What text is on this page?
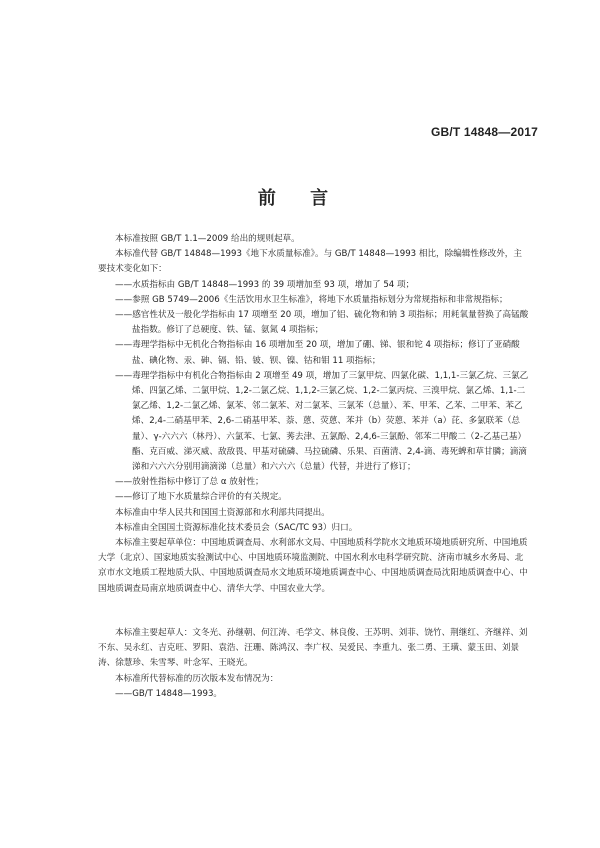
GB/T 14848—2017
前 言

本标准按照 GB/T 1.1—2009 给出的规则起草。

本标准代替 GB/T 14848—1993《地下水质量标准》。与 GB/T 14848—1993 相比，除编辑性修改外，主要技术变化如下：

——水质指标由 GB/T 14848—1993 的 39 项增加至 93 项，增加了 54 项；

——参照 GB 5749—2006《生活饮用水卫生标准》，将地下水质量指标划分为常规指标和非常规指标；

——感官性状及一般化学指标由 17 项增至 20 项，增加了铝、硫化物和钠 3 项指标；用耗氧量替换了高锰酸盐指数。修订了总硬度、铁、锰、氨氮 4 项指标；

——毒理学指标中无机化合物指标由 16 项增加至 20 项，增加了硼、锑、银和铊 4 项指标；修订了亚硝酸盐、碘化物、汞、砷、镉、铅、铍、钡、镍、钴和钼 11 项指标；

——毒理学指标中有机化合物指标由 2 项增至 49 项，增加了三氯甲烷、四氯化碳、1,1,1-三氯乙烷、三氯乙烯、四氯乙烯、二氯甲烷、1,2-二氯乙烷、1,1,2-三氯乙烷、1,2-二氯丙烷、三溴甲烷、氯乙烯、1,1-二氯乙烯、1,2-二氯乙烯、氯苯、邻二氯苯、对二氯苯、三氯苯（总量）、苯、甲苯、乙苯、二甲苯、苯乙烯、2,4-二硝基甲苯、2,6-二硝基甲苯、萘、蒽、荧蒽、苯并（b）荧蒽、苯并（a）芘、多氯联苯（总量）、γ-六六六（林丹）、六氯苯、七氯、莠去津、五氯酚、2,4,6-三氯酚、邻苯二甲酸二（2-乙基己基）酯、克百威、涕灭威、敌敌畏、甲基对硫磷、马拉硫磷、乐果、百菌清、2,4-滴、毒死蜱和草甘膦；滴滴涕和六六六分别用滴滴涕（总量）和六六六（总量）代替，并进行了修订；

——放射性指标中修订了总 α 放射性；

——修订了地下水质量综合评价的有关规定。

本标准由中华人民共和国国土资源部和水利部共同提出。

本标准由全国国土资源标准化技术委员会（SAC/TC 93）归口。

本标准主要起草单位：中国地质调查局、水利部水文局、中国地质科学院水文地质环境地质研究所、中国地质大学（北京）、国家地质实验测试中心、中国地质环境监测院、中国水利水电科学研究院、济南市城乡水务局、北京市水文地质工程地质大队、中国地质调查局水文地质环境地质调查中心、中国地质调查局沈阳地质调查中心、中国地质调查局南京地质调查中心、清华大学、中国农业大学。

本标准主要起草人：文冬光、孙继朝、何江涛、毛学文、林良俊、王苏明、刘菲、饶竹、荆继红、齐继祥、刘不东、吴永红、吉克旺、罗阳、袁浩、汪珊、陈鸿汉、李广权、吴爱民、李重九、张二勇、王璜、蒙玉田、刘景涛、徐慧珍、朱雪琴、叶念军、王晓光。

本标准所代替标准的历次版本发布情况为：

——GB/T 14848—1993。
